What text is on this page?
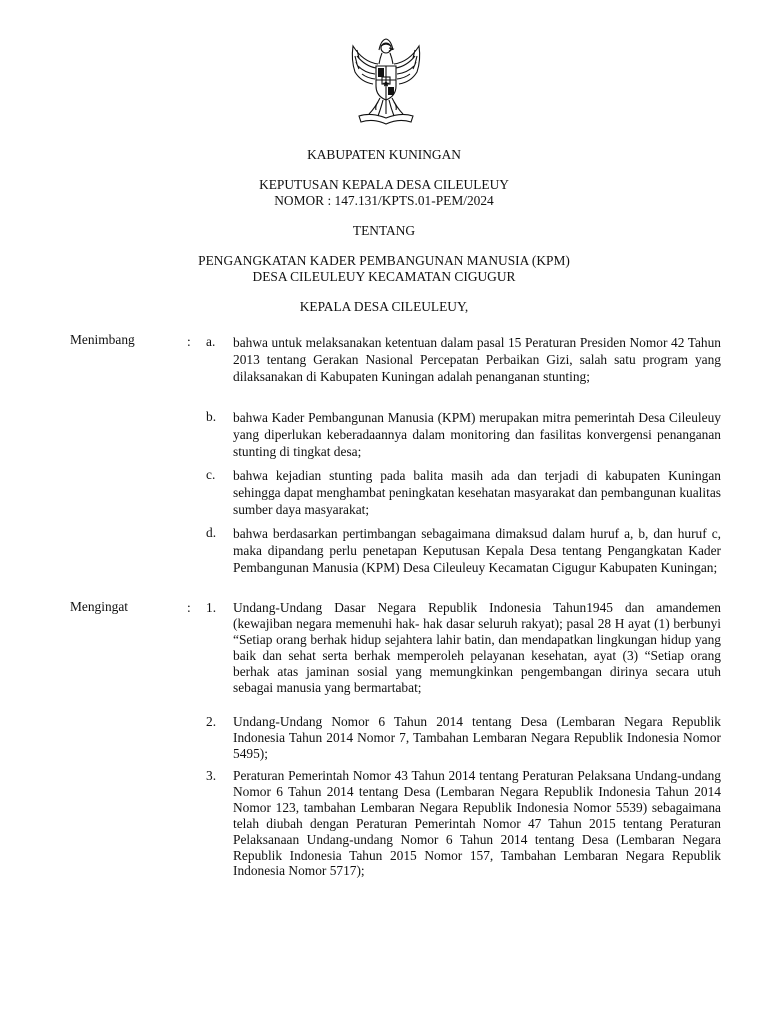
KABUPATEN KUNINGAN
KEPUTUSAN KEPALA DESA CILEULEUY
NOMOR : 147.131/KPTS.01-PEM/2024
TENTANG
PENGANGKATAN KADER PEMBANGUNAN MANUSIA (KPM)
DESA CILEULEUY KECAMATAN CIGUGUR
KEPALA DESA CILEULEUY,
Menimbang	: a. bahwa untuk melaksanakan ketentuan dalam pasal 15 Peraturan Presiden Nomor 42 Tahun 2013 tentang Gerakan Nasional Percepatan Perbaikan Gizi, salah satu program yang dilaksanakan di Kabupaten Kuningan adalah penanganan stunting;
b. bahwa Kader Pembangunan Manusia (KPM) merupakan mitra pemerintah Desa Cileuleuy yang diperlukan keberadaannya dalam monitoring dan fasilitas konvergensi penanganan stunting di tingkat desa;
c. bahwa kejadian stunting pada balita masih ada dan terjadi di kabupaten Kuningan sehingga dapat menghambat peningkatan kesehatan masyarakat dan pembangunan kualitas sumber daya masyarakat;
d. bahwa berdasarkan pertimbangan sebagaimana dimaksud dalam huruf a, b, dan huruf c, maka dipandang perlu penetapan Keputusan Kepala Desa tentang Pengangkatan Kader Pembangunan Manusia (KPM) Desa Cileuleuy Kecamatan Cigugur Kabupaten Kuningan;
Mengingat	: 1. Undang-Undang Dasar Negara Republik Indonesia Tahun1945 dan amandemen (kewajiban negara memenuhi hak- hak dasar seluruh rakyat); pasal 28 H ayat (1) berbunyi “Setiap orang berhak hidup sejahtera lahir batin, dan mendapatkan lingkungan hidup yang baik dan sehat serta berhak memperoleh pelayanan kesehatan, ayat (3) “Setiap orang berhak atas jaminan sosial yang memungkinkan pengembangan dirinya secara utuh sebagai manusia yang bermartabat;
2. Undang-Undang Nomor 6 Tahun 2014 tentang Desa (Lembaran Negara Republik Indonesia Tahun 2014 Nomor 7, Tambahan Lembaran Negara Republik Indonesia Nomor 5495);
3. Peraturan Pemerintah Nomor 43 Tahun 2014 tentang Peraturan Pelaksana Undang-undang Nomor 6 Tahun 2014 tentang Desa (Lembaran Negara Republik Indonesia Tahun 2014 Nomor 123, tambahan Lembaran Negara Republik Indonesia Nomor 5539) sebagaimana telah diubah dengan Peraturan Pemerintah Nomor 47 Tahun 2015 tentang Peraturan Pelaksanaan Undang-undang Nomor 6 Tahun 2014 tentang Desa (Lembaran Negara Republik Indonesia Tahun 2015 Nomor 157, Tambahan Lembaran Negara Republik Indonesia Nomor 5717);
